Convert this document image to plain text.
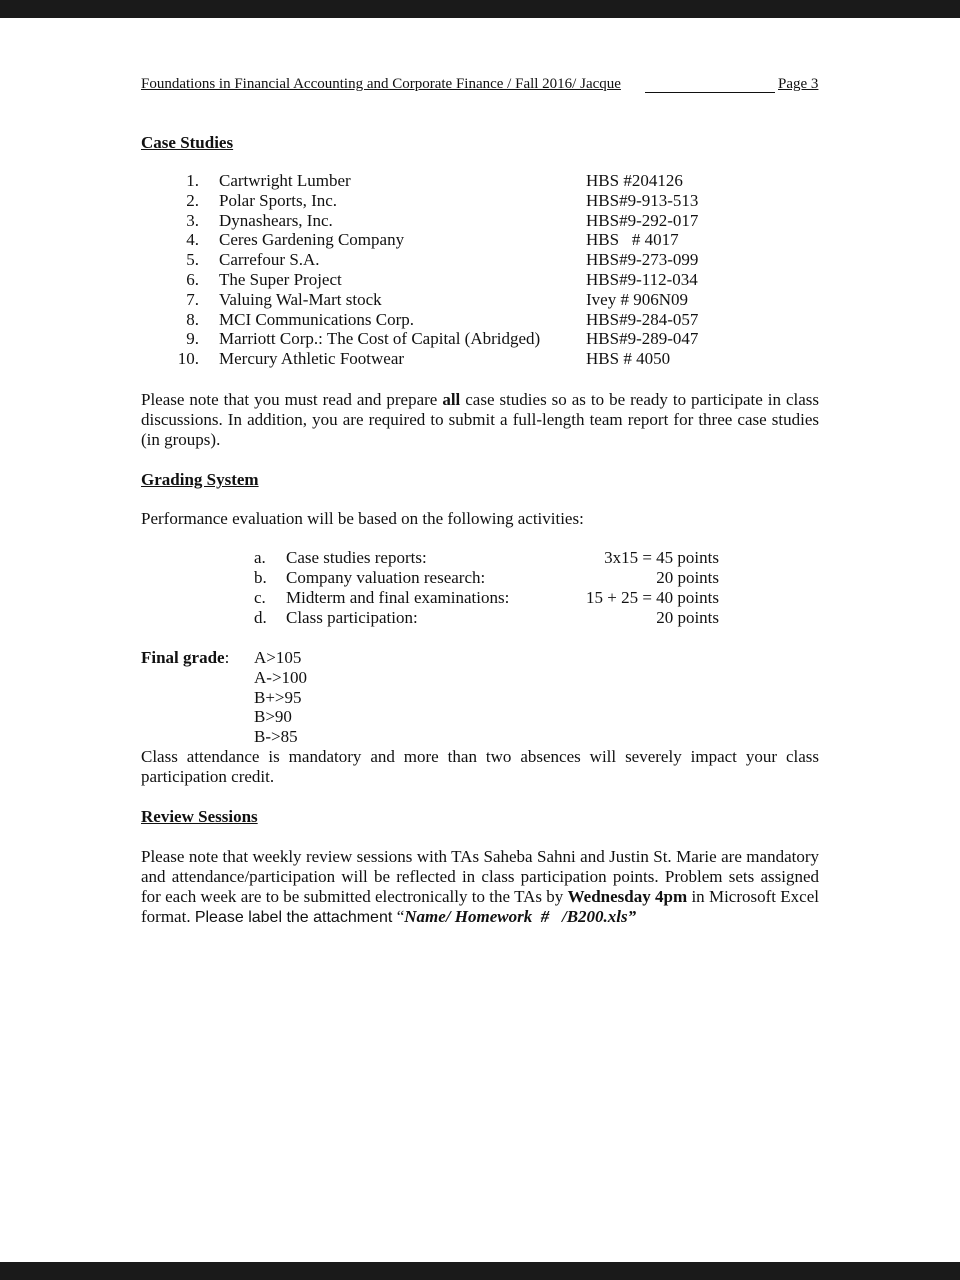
Foundations in Financial Accounting and Corporate Finance / Fall 2016/ Jacque	Page 3
Case Studies
1. Cartwright Lumber	HBS #204126
2. Polar Sports, Inc.	HBS#9-913-513
3. Dynashears, Inc.	HBS#9-292-017
4. Ceres Gardening Company	HBS   # 4017
5. Carrefour S.A.	HBS#9-273-099
6. The Super Project	HBS#9-112-034
7. Valuing Wal-Mart stock	Ivey # 906N09
8. MCI Communications Corp.	HBS#9-284-057
9. Marriott Corp.: The Cost of Capital (Abridged)	HBS#9-289-047
10. Mercury Athletic Footwear	HBS # 4050
Please note that you must read and prepare all case studies so as to be ready to participate in class discussions. In addition, you are required to submit a full-length team report for three case studies (in groups).
Grading System
Performance evaluation will be based on the following activities:
a. Case studies reports:	3x15 = 45 points
b. Company valuation research:	20 points
c. Midterm and final examinations:	15 + 25 = 40 points
d. Class participation:	20 points
Final grade: A>105
A->100
B+>95
B>90
B->85
Class attendance is mandatory and more than two absences will severely impact your class participation credit.
Review Sessions
Please note that weekly review sessions with TAs Saheba Sahni and Justin St. Marie are mandatory and attendance/participation will be reflected in class participation points. Problem sets assigned for each week are to be submitted electronically to the TAs by Wednesday 4pm in Microsoft Excel format. Please label the attachment “Name/ Homework  #   /B200.xls”
